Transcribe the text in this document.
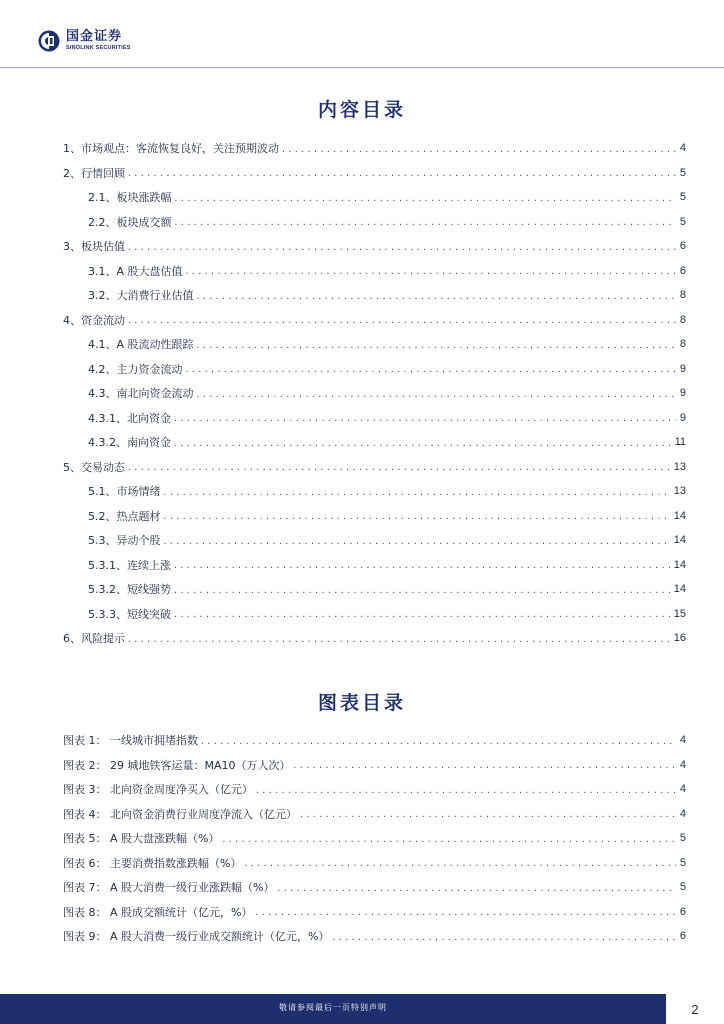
国金证券
SINOLINK SECURITIES
内容目录
1、市场观点：客流恢复良好，关注预期波动 .....	4
2、行情回顾 .....	5
2.1、板块涨跌幅 .....	5
2.2、板块成交额 .....	5
3、板块估值 .....	6
3.1、A 股大盘估值 .....	6
3.2、大消费行业估值 .....	8
4、资金流动 .....	8
4.1、A 股流动性跟踪 .....	8
4.2、主力资金流动 .....	9
4.3、南北向资金流动 .....	9
4.3.1、北向资金 .....	9
4.3.2、南向资金 .....	11
5、交易动态 .....	13
5.1、市场情绪 .....	13
5.2、热点题材 .....	14
5.3、异动个股 .....	14
5.3.1、连续上涨 .....	14
5.3.2、短线强势 .....	14
5.3.3、短线突破 .....	15
6、风险提示 .....	16
图表目录
图表 1： 一线城市拥堵指数 .....	4
图表 2： 29 城地铁客运量：MA10（万人次） .....	4
图表 3： 北向资金周度净买入（亿元） .....	4
图表 4： 北向资金消费行业周度净流入（亿元） .....	4
图表 5： A 股大盘涨跌幅（%） .....	5
图表 6： 主要消费指数涨跌幅（%） .....	5
图表 7： A 股大消费一级行业涨跌幅（%） .....	5
图表 8： A 股成交额统计（亿元，%） .....	6
图表 9： A 股大消费一级行业成交额统计（亿元，%） .....	6
敬请参阅最后一页特别声明	2
